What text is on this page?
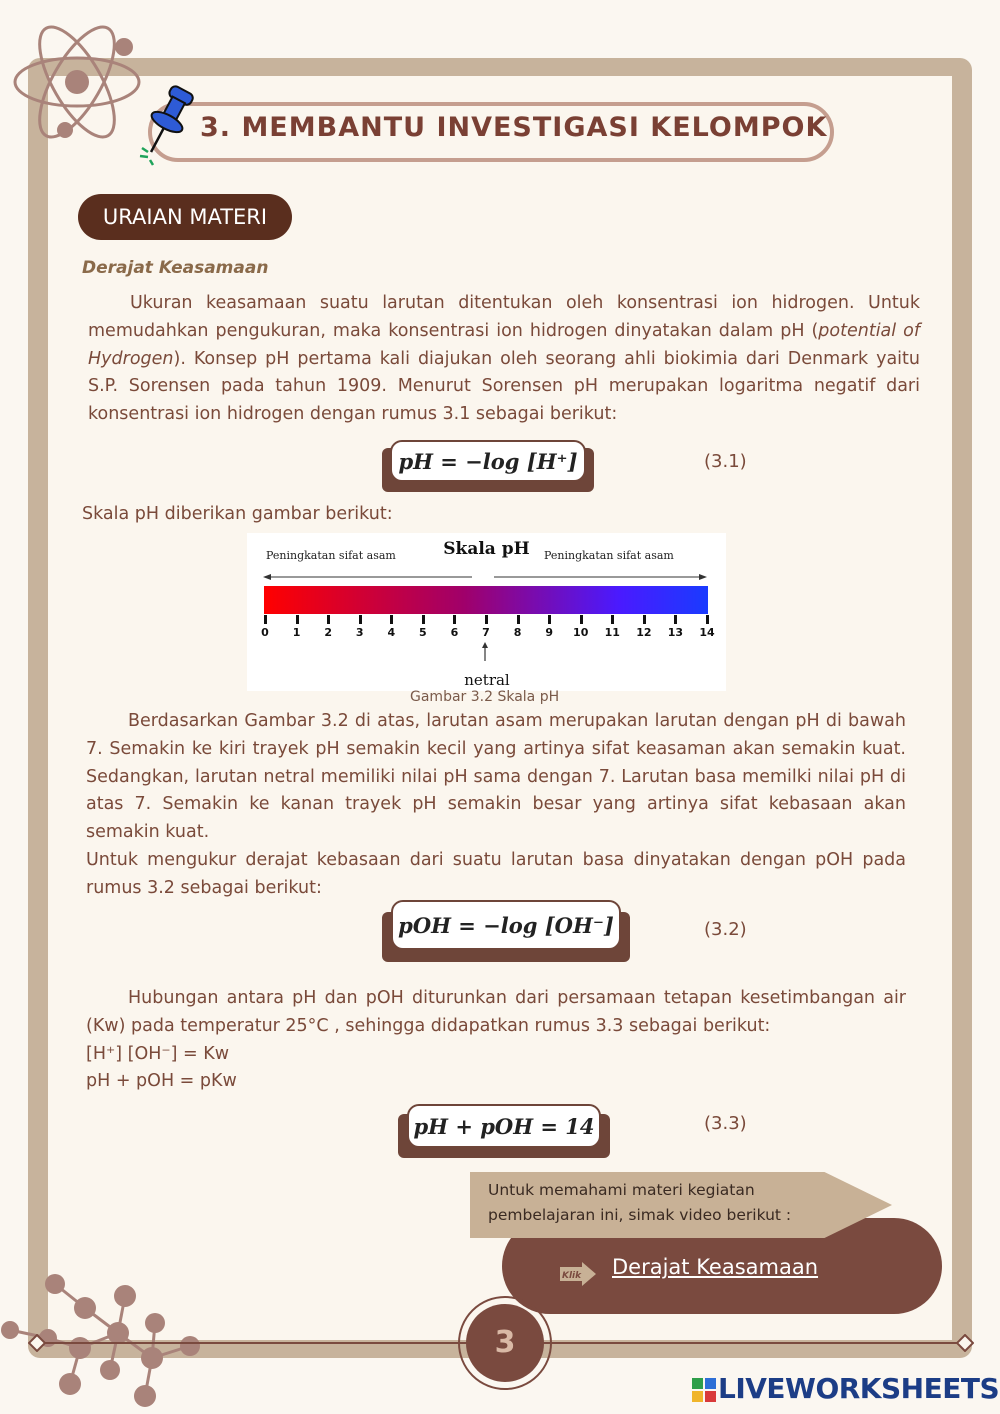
3. MEMBANTU INVESTIGASI KELOMPOK
URAIAN MATERI
Derajat Keasamaan
Ukuran keasamaan suatu larutan ditentukan oleh konsentrasi ion hidrogen. Untuk memudahkan pengukuran, maka konsentrasi ion hidrogen dinyatakan dalam pH (potential of Hydrogen). Konsep pH pertama kali diajukan oleh seorang ahli biokimia dari Denmark yaitu S.P. Sorensen pada tahun 1909. Menurut Sorensen pH merupakan logaritma negatif dari konsentrasi ion hidrogen dengan rumus 3.1 sebagai berikut:
pH = −log [H⁺]	(3.1)
Skala pH diberikan gambar berikut:
Skala pH
Peningkatan sifat asam	Peningkatan sifat asam
0	1	2	3	4	5	6	7	8	9	10	11	12	13	14
netral
Gambar 3.2 Skala pH
Berdasarkan Gambar 3.2 di atas, larutan asam merupakan larutan dengan pH di bawah 7. Semakin ke kiri trayek pH semakin kecil yang artinya sifat keasaman akan semakin kuat. Sedangkan, larutan netral memiliki nilai pH sama dengan 7. Larutan basa memilki nilai pH di atas 7. Semakin ke kanan trayek pH semakin besar yang artinya sifat kebasaan akan semakin kuat.
Untuk mengukur derajat kebasaan dari suatu larutan basa dinyatakan dengan pOH pada rumus 3.2 sebagai berikut:
pOH = −log [OH⁻]	(3.2)
Hubungan antara pH dan pOH diturunkan dari persamaan tetapan kesetimbangan air (Kw) pada temperatur 25°C , sehingga didapatkan rumus 3.3 sebagai berikut:
[H⁺] [OH⁻] = Kw
pH + pOH = pKw
pH + pOH = 14	(3.3)
Untuk memahami materi kegiatan pembelajaran ini, simak video berikut :
Klik Derajat Keasamaan
3
LIVEWORKSHEETS
